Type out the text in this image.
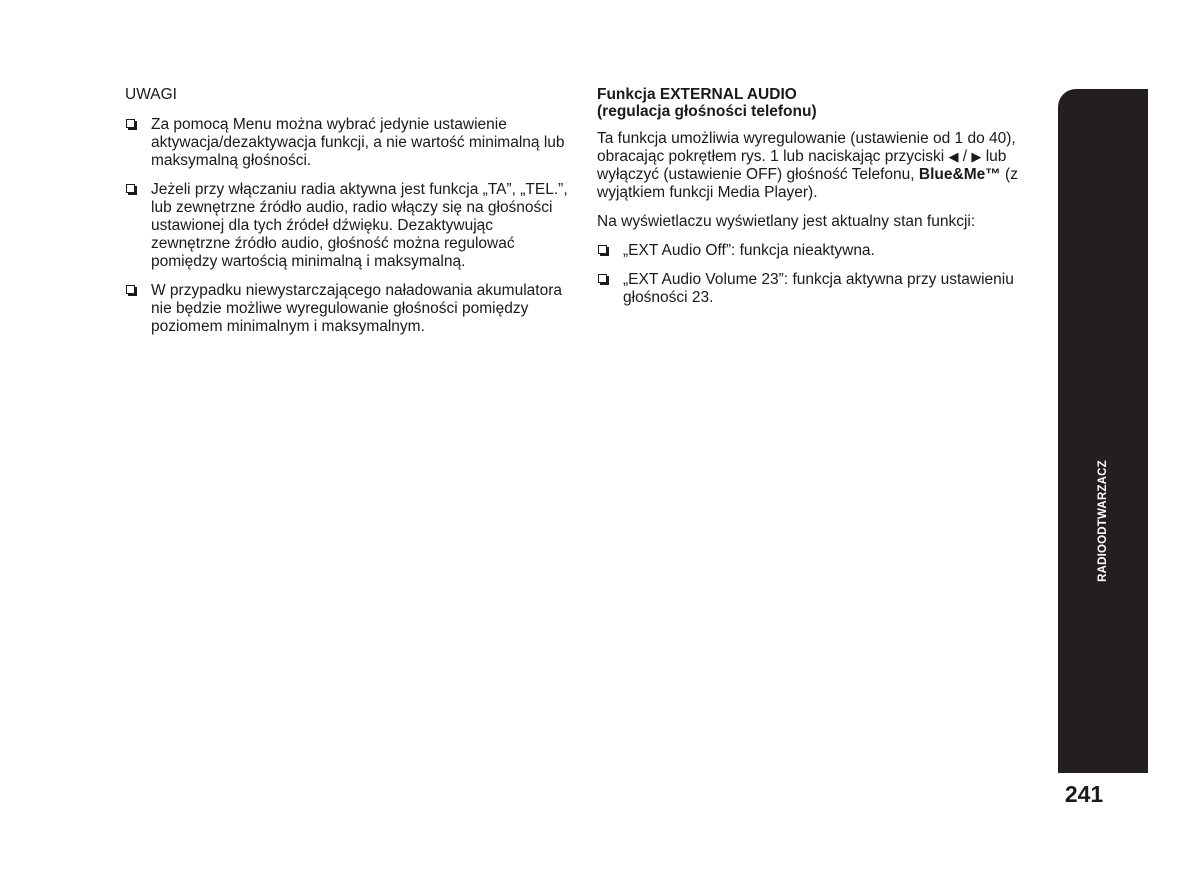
UWAGI

Za pomocą Menu można wybrać jedynie ustawienie aktywacja/dezaktywacja funkcji, a nie wartość minimalną lub maksymalną głośności.
Jeżeli przy włączaniu radia aktywna jest funkcja „TA”, „TEL.”, lub zewnętrzne źródło audio, radio włączy się na głośności ustawionej dla tych źródeł dźwięku. Dezaktywując zewnętrzne źródło audio, głośność można regulować pomiędzy wartością minimalną i maksymalną.
W przypadku niewystarczającego naładowania akumulatora nie będzie możliwe wyregulowanie głośności pomiędzy poziomem minimalnym i maksymalnym.
Funkcja EXTERNAL AUDIO
(regulacja głośności telefonu)

Ta funkcja umożliwia wyregulowanie (ustawienie od 1 do 40), obracając pokrętłem rys. 1 lub naciskając przyciski ◀ / ▶ lub wyłączyć (ustawienie OFF) głośność Telefonu, Blue&Me™ (z wyjątkiem funkcji Media Player).

Na wyświetlaczu wyświetlany jest aktualny stan funkcji:

„EXT Audio Off”: funkcja nieaktywna.
„EXT Audio Volume 23”: funkcja aktywna przy ustawieniu głośności 23.
RADIOODTWARZACZ
241
